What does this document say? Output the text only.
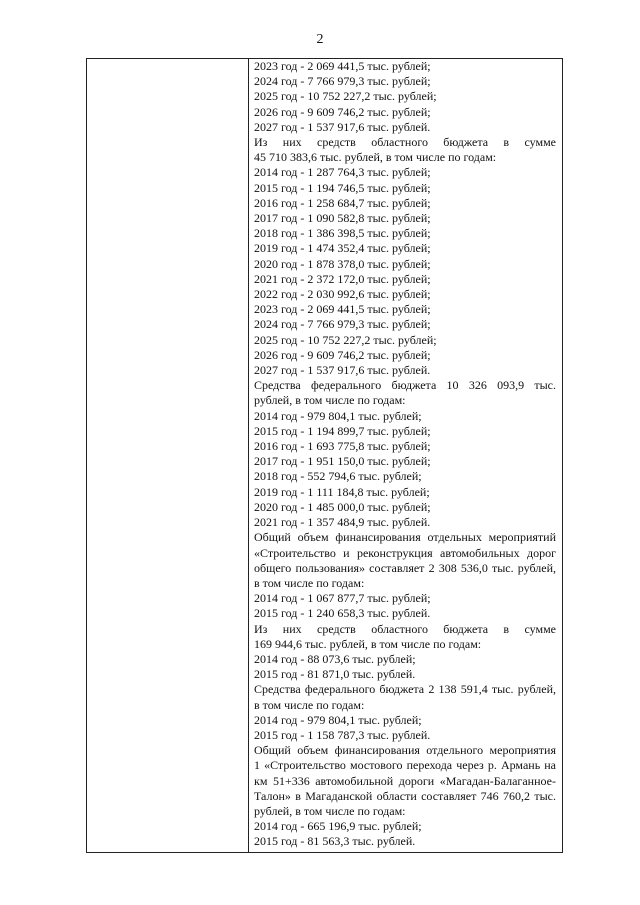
2
2023 год - 2 069 441,5 тыс. рублей;
2024 год - 7 766 979,3 тыс. рублей;
2025 год - 10 752 227,2 тыс. рублей;
2026 год - 9 609 746,2 тыс. рублей;
2027 год - 1 537 917,6 тыс. рублей.
Из них средств областного бюджета в сумме
45 710 383,6 тыс. рублей, в том числе по годам:
2014 год - 1 287 764,3 тыс. рублей;
2015 год - 1 194 746,5 тыс. рублей;
2016 год - 1 258 684,7 тыс. рублей;
2017 год - 1 090 582,8 тыс. рублей;
2018 год - 1 386 398,5 тыс. рублей;
2019 год - 1 474 352,4 тыс. рублей;
2020 год - 1 878 378,0 тыс. рублей;
2021 год - 2 372 172,0 тыс. рублей;
2022 год - 2 030 992,6 тыс. рублей;
2023 год - 2 069 441,5 тыс. рублей;
2024 год - 7 766 979,3 тыс. рублей;
2025 год - 10 752 227,2 тыс. рублей;
2026 год - 9 609 746,2 тыс. рублей;
2027 год - 1 537 917,6 тыс. рублей.
Средства федерального бюджета 10 326 093,9 тыс.
рублей, в том числе по годам:
2014 год - 979 804,1 тыс. рублей;
2015 год - 1 194 899,7 тыс. рублей;
2016 год - 1 693 775,8 тыс. рублей;
2017 год - 1 951 150,0 тыс. рублей;
2018 год - 552 794,6 тыс. рублей;
2019 год - 1 111 184,8 тыс. рублей;
2020 год - 1 485 000,0 тыс. рублей;
2021 год - 1 357 484,9 тыс. рублей.
Общий объем финансирования отдельных мероприятий
«Строительство и реконструкция автомобильных дорог
общего пользования» составляет 2 308 536,0 тыс. рублей,
в том числе по годам:
2014 год - 1 067 877,7 тыс. рублей;
2015 год - 1 240 658,3 тыс. рублей.
Из них средств областного бюджета в сумме
169 944,6 тыс. рублей, в том числе по годам:
2014 год - 88 073,6 тыс. рублей;
2015 год - 81 871,0 тыс. рублей.
Средства федерального бюджета 2 138 591,4 тыс. рублей,
в том числе по годам:
2014 год - 979 804,1 тыс. рублей;
2015 год - 1 158 787,3 тыс. рублей.
Общий объем финансирования отдельного мероприятия
1 «Строительство мостового перехода через р. Армань на
км 51+336 автомобильной дороги «Магадан-Балаганное-
Талон» в Магаданской области составляет 746 760,2 тыс.
рублей, в том числе по годам:
2014 год - 665 196,9 тыс. рублей;
2015 год - 81 563,3 тыс. рублей.
